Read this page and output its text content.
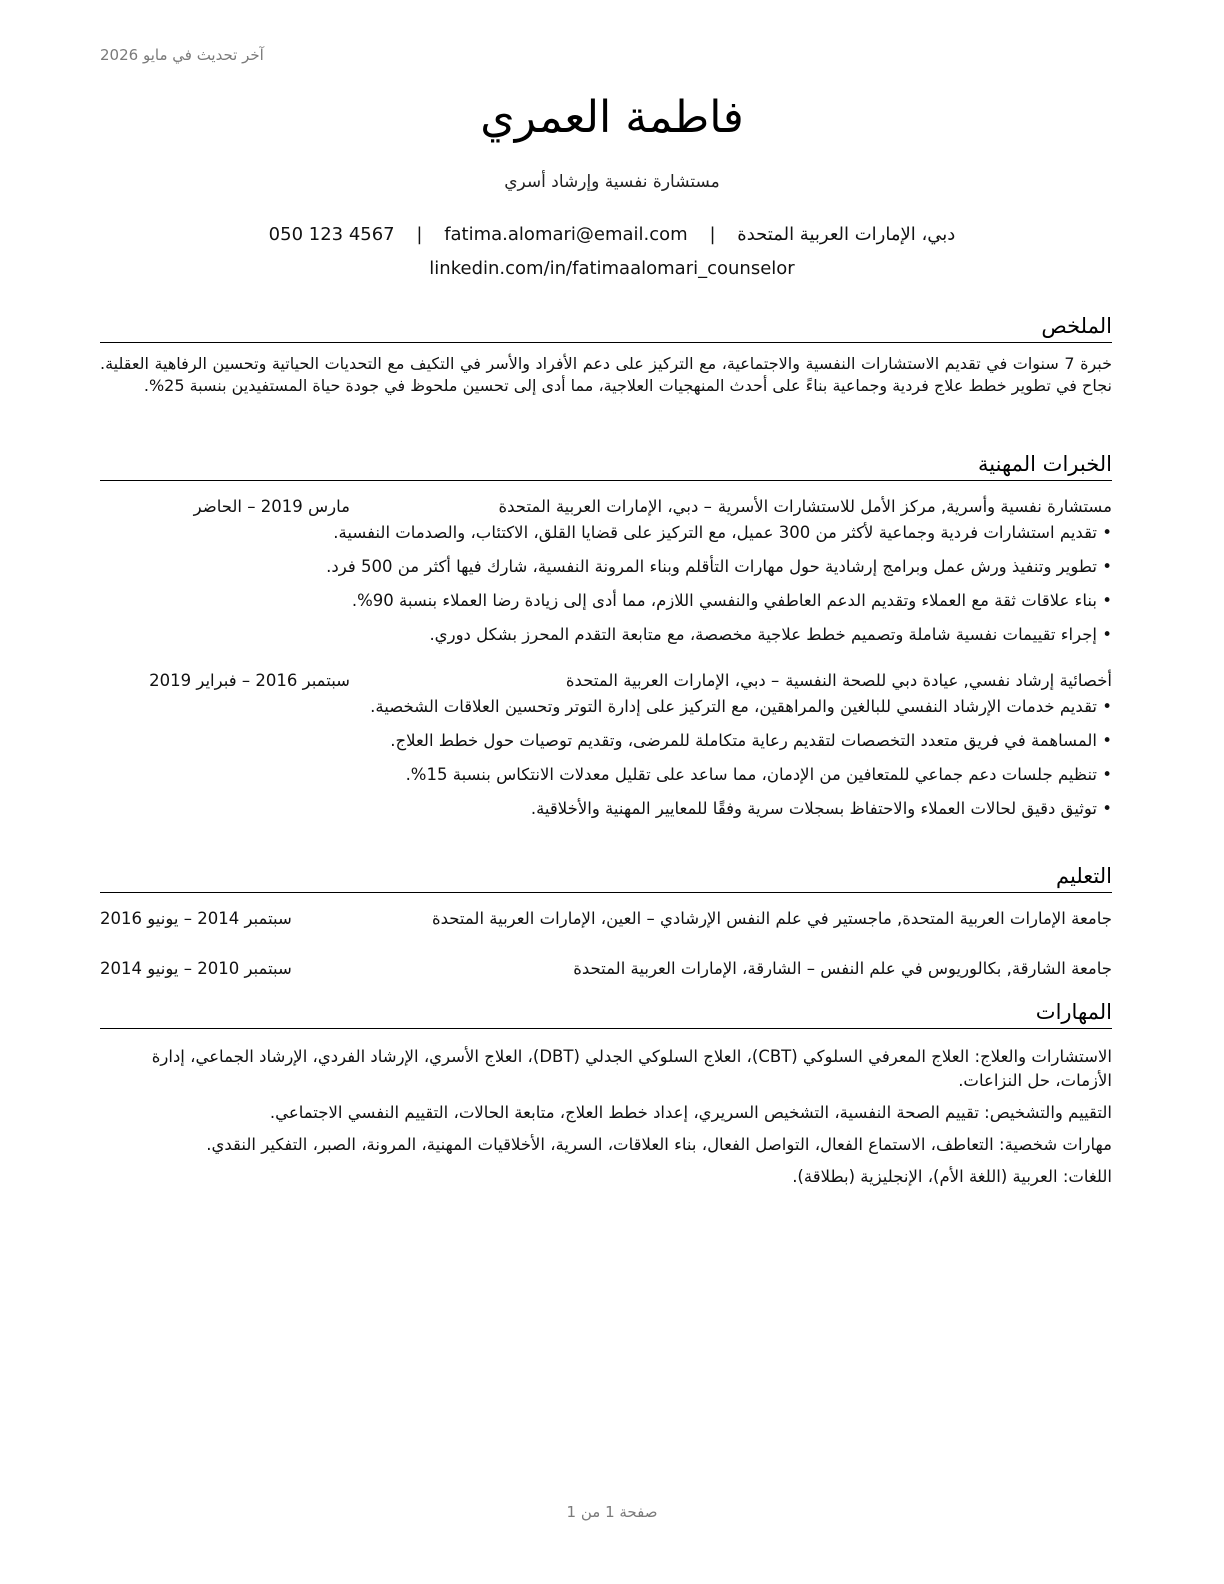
آخر تحديث في مايو 2026
فاطمة العمري
مستشارة نفسية وإرشاد أسري
دبي، الإمارات العربية المتحدة | fatima.alomari@email.com | 050 123 4567
linkedin.com/in/fatimaalomari_counselor
الملخص

خبرة 7 سنوات في تقديم الاستشارات النفسية والاجتماعية، مع التركيز على دعم الأفراد والأسر في التكيف مع التحديات الحياتية وتحسين الرفاهية العقلية. نجاح في تطوير خطط علاج فردية وجماعية بناءً على أحدث المنهجيات العلاجية، مما أدى إلى تحسين ملحوظ في جودة حياة المستفيدين بنسبة 25%.

الخبرات المهنية
مستشارة نفسية وأسرية, مركز الأمل للاستشارات الأسرية
– دبي، الإمارات العربية المتحدة
مارس 2019 – الحاضر
• تقديم استشارات فردية وجماعية لأكثر من 300 عميل، مع التركيز على قضايا القلق، الاكتئاب، والصدمات النفسية.
• تطوير وتنفيذ ورش عمل وبرامج إرشادية حول مهارات التأقلم وبناء المرونة النفسية، شارك فيها أكثر من 500 فرد.
• بناء علاقات ثقة مع العملاء وتقديم الدعم العاطفي والنفسي اللازم، مما أدى إلى زيادة رضا العملاء بنسبة 90%.
• إجراء تقييمات نفسية شاملة وتصميم خطط علاجية مخصصة، مع متابعة التقدم المحرز بشكل دوري.
أخصائية إرشاد نفسي, عيادة دبي للصحة النفسية
– دبي، الإمارات العربية المتحدة
سبتمبر 2016 – فبراير 2019
• تقديم خدمات الإرشاد النفسي للبالغين والمراهقين، مع التركيز على إدارة التوتر وتحسين العلاقات الشخصية.
• المساهمة في فريق متعدد التخصصات لتقديم رعاية متكاملة للمرضى، وتقديم توصيات حول خطط العلاج.
• تنظيم جلسات دعم جماعي للمتعافين من الإدمان، مما ساعد على تقليل معدلات الانتكاس بنسبة 15%.
• توثيق دقيق لحالات العملاء والاحتفاظ بسجلات سرية وفقًا للمعايير المهنية والأخلاقية.
التعليم
جامعة الإمارات العربية المتحدة, ماجستير في علم النفس الإرشادي – العين، الإمارات العربية المتحدة
سبتمبر 2014 – يونيو 2016
جامعة الشارقة, بكالوريوس في علم النفس – الشارقة، الإمارات العربية المتحدة
سبتمبر 2010 – يونيو 2014
المهارات

الاستشارات والعلاج: العلاج المعرفي السلوكي (CBT)، العلاج السلوكي الجدلي (DBT)، العلاج الأسري، الإرشاد الفردي، الإرشاد الجماعي، إدارة الأزمات، حل النزاعات.

التقييم والتشخيص: تقييم الصحة النفسية، التشخيص السريري، إعداد خطط العلاج، متابعة الحالات، التقييم النفسي الاجتماعي.

مهارات شخصية: التعاطف، الاستماع الفعال، التواصل الفعال، بناء العلاقات، السرية، الأخلاقيات المهنية، المرونة، الصبر، التفكير النقدي.

اللغات: العربية (اللغة الأم)، الإنجليزية (بطلاقة).

صفحة 1 من 1
